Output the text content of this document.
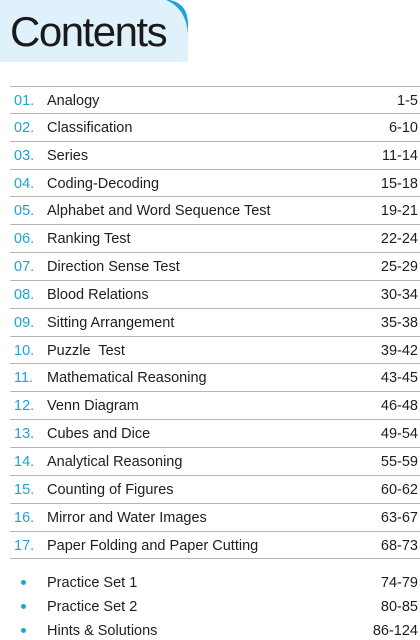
Contents
01. Analogy	1-5
02. Classification	6-10
03. Series	11-14
04. Coding-Decoding	15-18
05. Alphabet and Word Sequence Test	19-21
06. Ranking Test	22-24
07. Direction Sense Test	25-29
08. Blood Relations	30-34
09. Sitting Arrangement	35-38
10. Puzzle  Test	39-42
11. Mathematical Reasoning	43-45
12. Venn Diagram	46-48
13. Cubes and Dice	49-54
14. Analytical Reasoning	55-59
15. Counting of Figures	60-62
16. Mirror and Water Images	63-67
17. Paper Folding and Paper Cutting	68-73
Practice Set 1	74-79
Practice Set 2	80-85
Hints & Solutions	86-124
